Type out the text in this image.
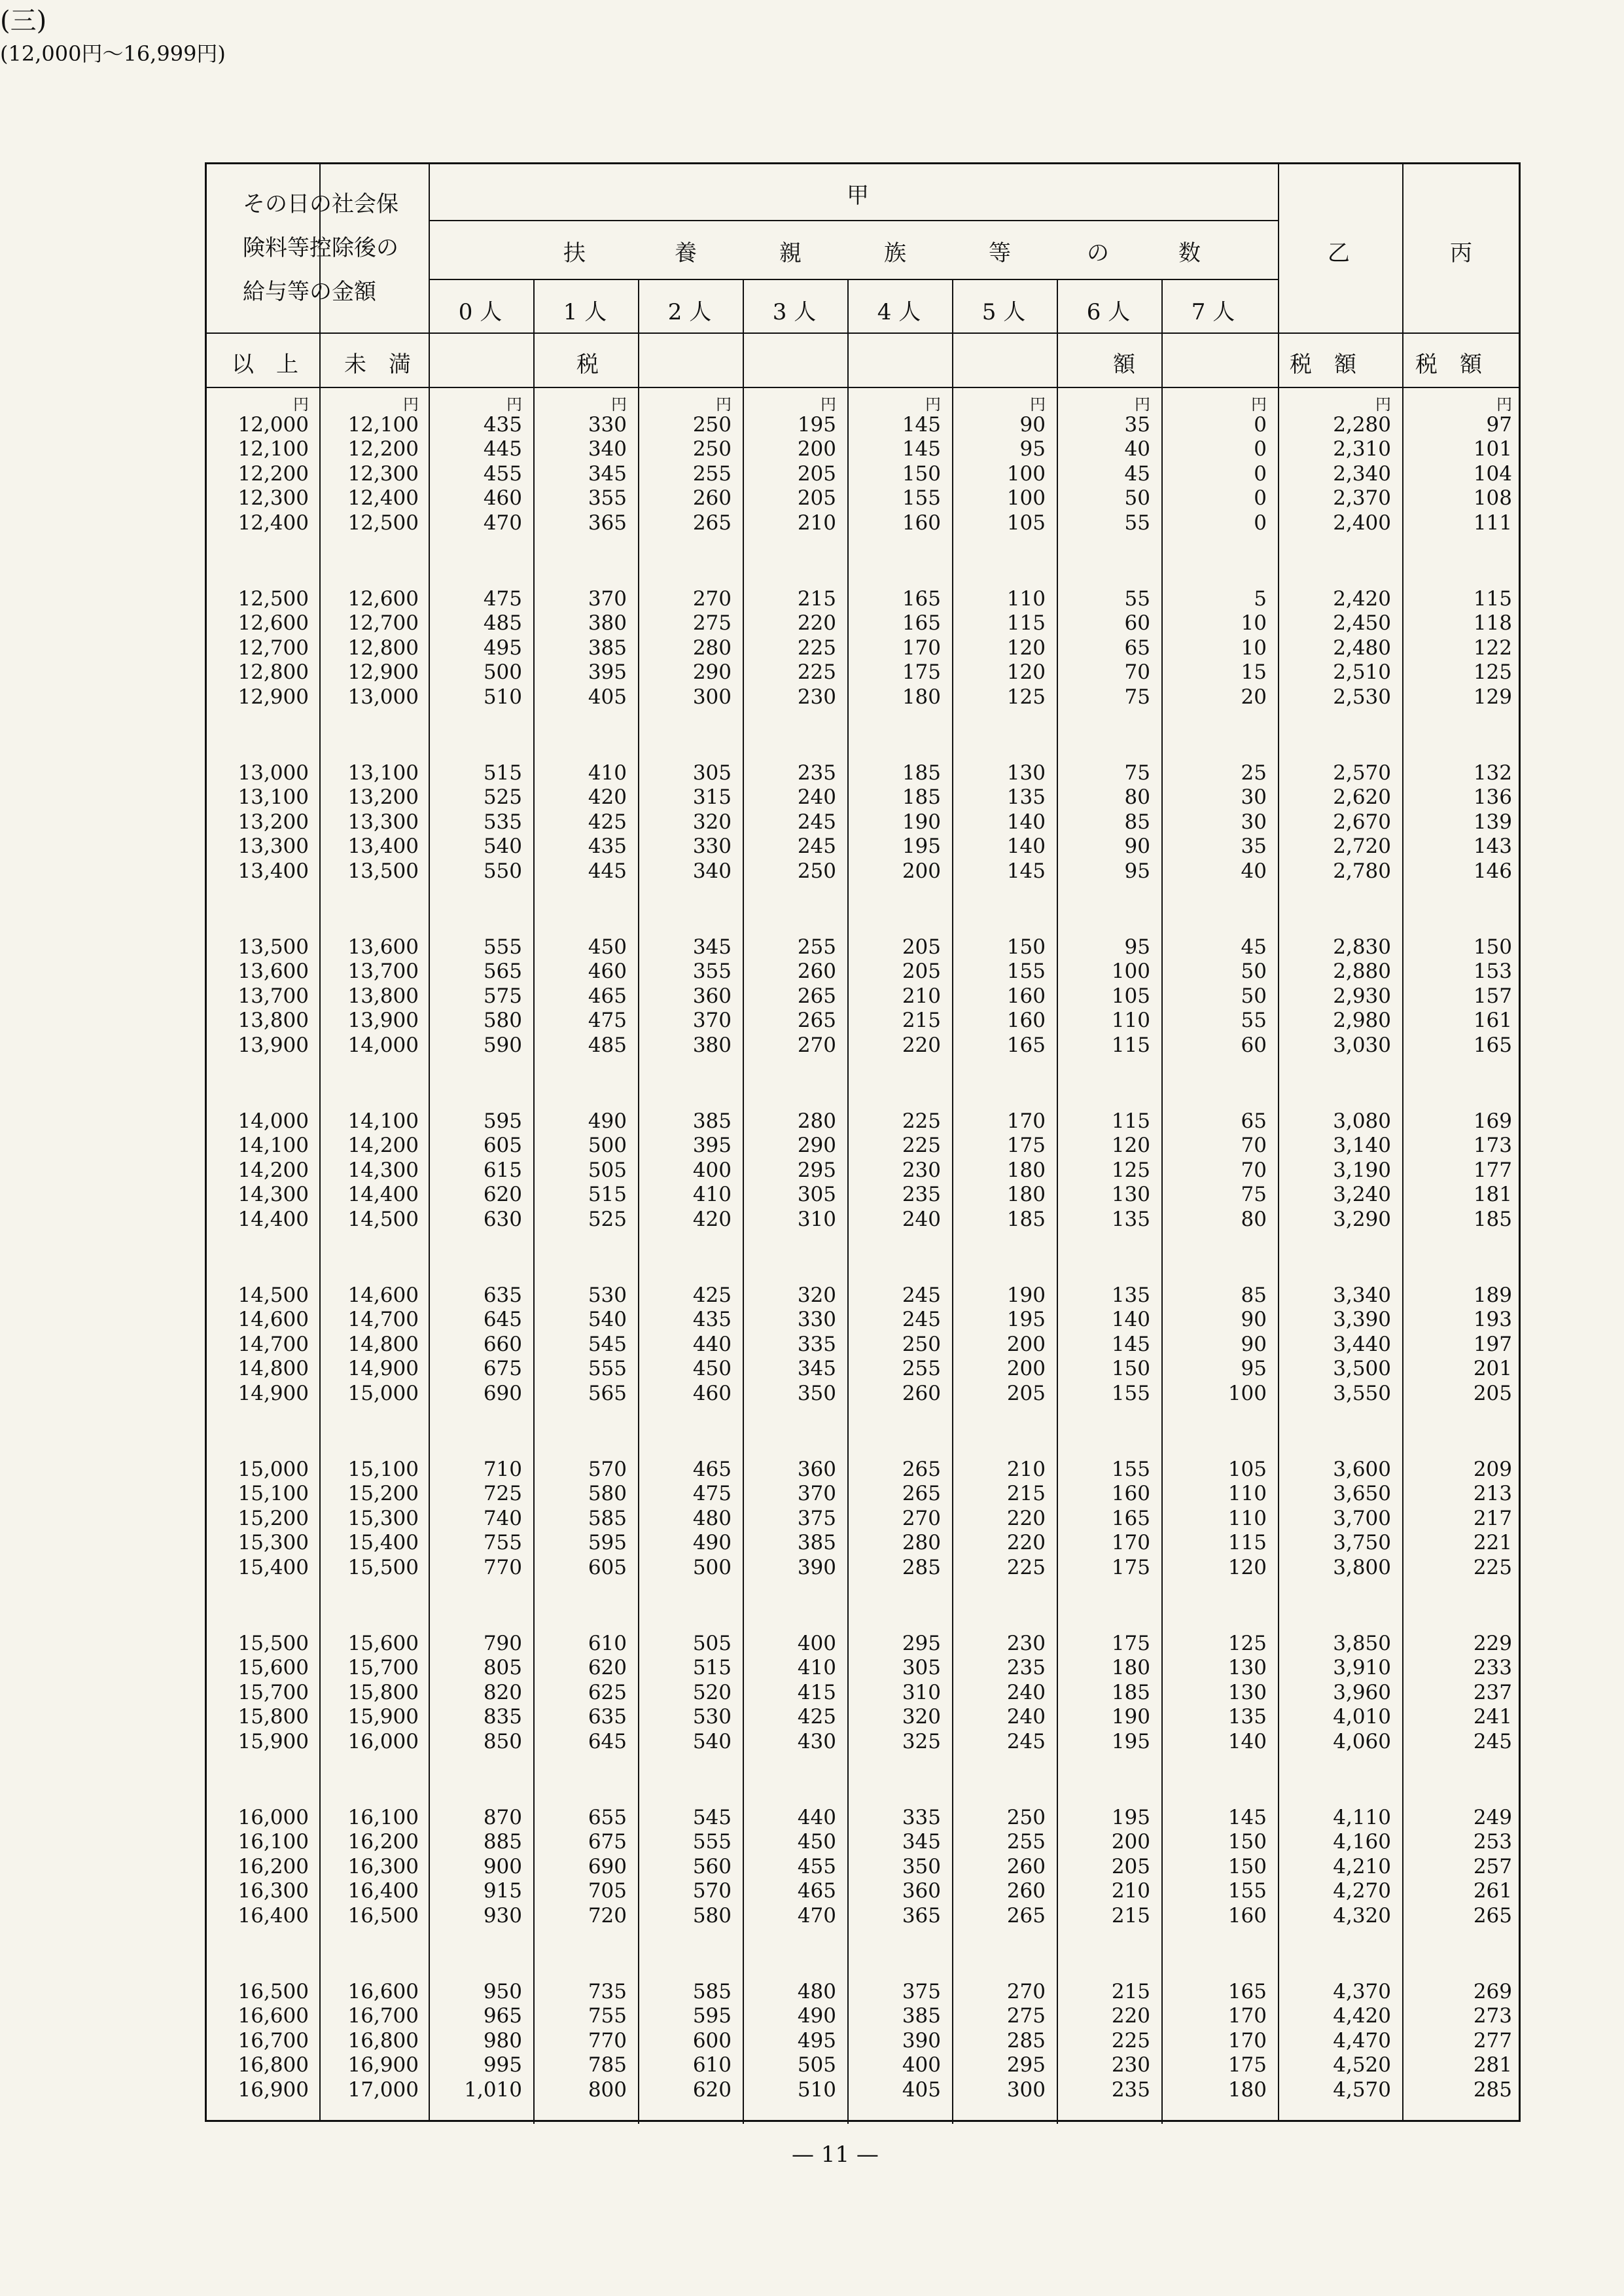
(三)
(12,000円～16,999円)
その日の社会保
険料等控除後の
給与等の金額
甲
扶	養	親	族	等	の	数
0 人	1 人	2 人	3 人	4 人	5 人	6 人	7 人
乙	丙
以　上 未　満	税	額	税　額	税　額
円	円	円	円	円	円	円	円	円	円	円	円
12,000	12,100	435	330	250	195	145	90	35	0	2,280	97
12,100	12,200	445	340	250	200	145	95	40	0	2,310	101
12,200	12,300	455	345	255	205	150	100	45	0	2,340	104
12,300	12,400	460	355	260	205	155	100	50	0	2,370	108
12,400	12,500	470	365	265	210	160	105	55	0	2,400	111
12,500	12,600	475	370	270	215	165	110	55	5	2,420	115
12,600	12,700	485	380	275	220	165	115	60	10	2,450	118
12,700	12,800	495	385	280	225	170	120	65	10	2,480	122
12,800	12,900	500	395	290	225	175	120	70	15	2,510	125
12,900	13,000	510	405	300	230	180	125	75	20	2,530	129
13,000	13,100	515	410	305	235	185	130	75	25	2,570	132
13,100	13,200	525	420	315	240	185	135	80	30	2,620	136
13,200	13,300	535	425	320	245	190	140	85	30	2,670	139
13,300	13,400	540	435	330	245	195	140	90	35	2,720	143
13,400	13,500	550	445	340	250	200	145	95	40	2,780	146
13,500	13,600	555	450	345	255	205	150	95	45	2,830	150
13,600	13,700	565	460	355	260	205	155	100	50	2,880	153
13,700	13,800	575	465	360	265	210	160	105	50	2,930	157
13,800	13,900	580	475	370	265	215	160	110	55	2,980	161
13,900	14,000	590	485	380	270	220	165	115	60	3,030	165
14,000	14,100	595	490	385	280	225	170	115	65	3,080	169
14,100	14,200	605	500	395	290	225	175	120	70	3,140	173
14,200	14,300	615	505	400	295	230	180	125	70	3,190	177
14,300	14,400	620	515	410	305	235	180	130	75	3,240	181
14,400	14,500	630	525	420	310	240	185	135	80	3,290	185
14,500	14,600	635	530	425	320	245	190	135	85	3,340	189
14,600	14,700	645	540	435	330	245	195	140	90	3,390	193
14,700	14,800	660	545	440	335	250	200	145	90	3,440	197
14,800	14,900	675	555	450	345	255	200	150	95	3,500	201
14,900	15,000	690	565	460	350	260	205	155	100	3,550	205
15,000	15,100	710	570	465	360	265	210	155	105	3,600	209
15,100	15,200	725	580	475	370	265	215	160	110	3,650	213
15,200	15,300	740	585	480	375	270	220	165	110	3,700	217
15,300	15,400	755	595	490	385	280	220	170	115	3,750	221
15,400	15,500	770	605	500	390	285	225	175	120	3,800	225
15,500	15,600	790	610	505	400	295	230	175	125	3,850	229
15,600	15,700	805	620	515	410	305	235	180	130	3,910	233
15,700	15,800	820	625	520	415	310	240	185	130	3,960	237
15,800	15,900	835	635	530	425	320	240	190	135	4,010	241
15,900	16,000	850	645	540	430	325	245	195	140	4,060	245
16,000	16,100	870	655	545	440	335	250	195	145	4,110	249
16,100	16,200	885	675	555	450	345	255	200	150	4,160	253
16,200	16,300	900	690	560	455	350	260	205	150	4,210	257
16,300	16,400	915	705	570	465	360	260	210	155	4,270	261
16,400	16,500	930	720	580	470	365	265	215	160	4,320	265
16,500	16,600	950	735	585	480	375	270	215	165	4,370	269
16,600	16,700	965	755	595	490	385	275	220	170	4,420	273
16,700	16,800	980	770	600	495	390	285	225	170	4,470	277
16,800	16,900	995	785	610	505	400	295	230	175	4,520	281
16,900	17,000	1,010	800	620	510	405	300	235	180	4,570	285
— 11 —
